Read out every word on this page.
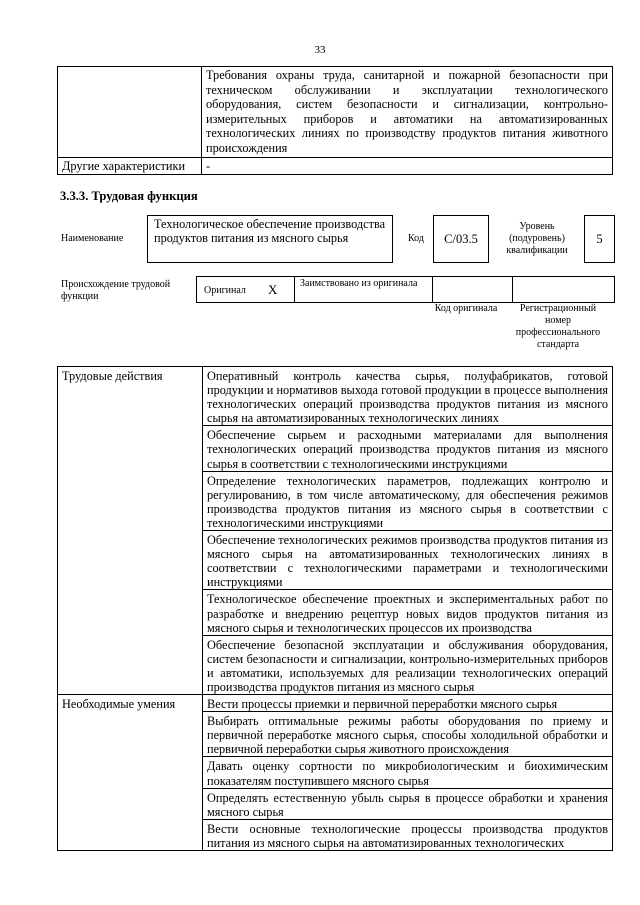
33
	Требования охраны труда, санитарной и пожарной безопасности при техническом обслуживании и эксплуатации технологического оборудования, систем безопасности и сигнализации, контрольно-измерительных приборов и автоматики на автоматизированных технологических линиях по производству продуктов питания животного происхождения
Другие характеристики	-
3.3.3. Трудовая функция
Наименование
Технологическое обеспечение производства продуктов питания из мясного сырья	Код	С/03.5
Уровень (подуровень) квалификации
5
Происхождение трудовой функции
Оригинал X Заимствовано из оригинала
Код оригинала	Регистрационный номер профессионального стандарта
Трудовые действия	Оперативный контроль качества сырья, полуфабрикатов, готовой продукции и нормативов выхода готовой продукции в процессе выполнения технологических операций производства продуктов питания из мясного сырья на автоматизированных технологических линиях
	Обеспечение сырьем и расходными материалами для выполнения технологических операций производства продуктов питания из мясного сырья в соответствии с технологическими инструкциями
	Определение технологических параметров, подлежащих контролю и регулированию, в том числе автоматическому, для обеспечения режимов производства продуктов питания из мясного сырья в соответствии с технологическими инструкциями
	Обеспечение технологических режимов производства продуктов питания из мясного сырья на автоматизированных технологических линиях в соответствии с технологическими параметрами и технологическими инструкциями
	Технологическое обеспечение проектных и экспериментальных работ по разработке и внедрению рецептур новых видов продуктов питания из мясного сырья и технологических процессов их производства
	Обеспечение безопасной эксплуатации и обслуживания оборудования, систем безопасности и сигнализации, контрольно-измерительных приборов и автоматики, используемых для реализации технологических операций производства продуктов питания из мясного сырья
Необходимые умения	Вести процессы приемки и первичной переработки мясного сырья
	Выбирать оптимальные режимы работы оборудования по приему и первичной переработке мясного сырья, способы холодильной обработки и первичной переработки сырья животного происхождения
	Давать оценку сортности по микробиологическим и биохимическим показателям поступившего мясного сырья
	Определять естественную убыль сырья в процессе обработки и хранения мясного сырья
	Вести основные технологические процессы производства продуктов питания из мясного сырья на автоматизированных технологических
